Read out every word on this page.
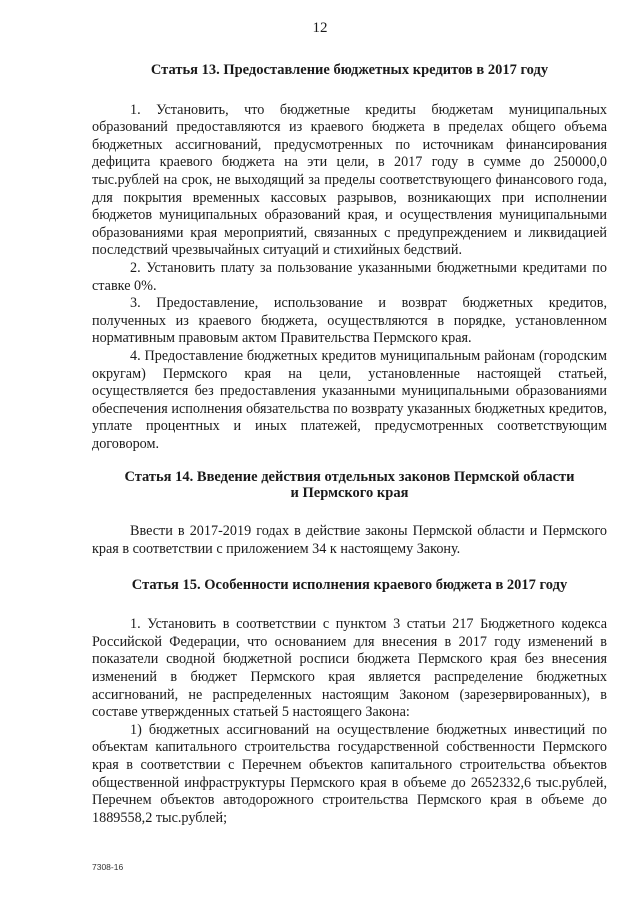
12
Статья 13. Предоставление бюджетных кредитов в 2017 году

1. Установить, что бюджетные кредиты бюджетам муниципальных образований предоставляются из краевого бюджета в пределах общего объема бюджетных ассигнований, предусмотренных по источникам финансирования дефицита краевого бюджета на эти цели, в 2017 году в сумме до 250000,0 тыс.рублей на срок, не выходящий за пределы соответствующего финансового года, для покрытия временных кассовых разрывов, возникающих при исполнении бюджетов муниципальных образований края, и осуществления муниципальными образованиями края мероприятий, связанных с предупреждением и ликвидацией последствий чрезвычайных ситуаций и стихийных бедствий.

2. Установить плату за пользование указанными бюджетными кредитами по ставке 0%.

3. Предоставление, использование и возврат бюджетных кредитов, полученных из краевого бюджета, осуществляются в порядке, установленном нормативным правовым актом Правительства Пермского края.

4. Предоставление бюджетных кредитов муниципальным районам (городским округам) Пермского края на цели, установленные настоящей статьей, осуществляется без предоставления указанными муниципальными образованиями обеспечения исполнения обязательства по возврату указанных бюджетных кредитов, уплате процентных и иных платежей, предусмотренных соответствующим договором.

Статья 14. Введение действия отдельных законов Пермской области
и Пермского края

Ввести в 2017-2019 годах в действие законы Пермской области и Пермского края в соответствии с приложением 34 к настоящему Закону.

Статья 15. Особенности исполнения краевого бюджета в 2017 году

1. Установить в соответствии с пунктом 3 статьи 217 Бюджетного кодекса Российской Федерации, что основанием для внесения в 2017 году изменений в показатели сводной бюджетной росписи бюджета Пермского края без внесения изменений в бюджет Пермского края является распределение бюджетных ассигнований, не распределенных настоящим Законом (зарезервированных), в составе утвержденных статьей 5 настоящего Закона:

1) бюджетных ассигнований на осуществление бюджетных инвестиций по объектам капитального строительства государственной собственности Пермского края в соответствии с Перечнем объектов капитального строительства объектов общественной инфраструктуры Пермского края в объеме до 2652332,6 тыс.рублей, Перечнем объектов автодорожного строительства Пермского края в объеме до 1889558,2 тыс.рублей;

7308-16
